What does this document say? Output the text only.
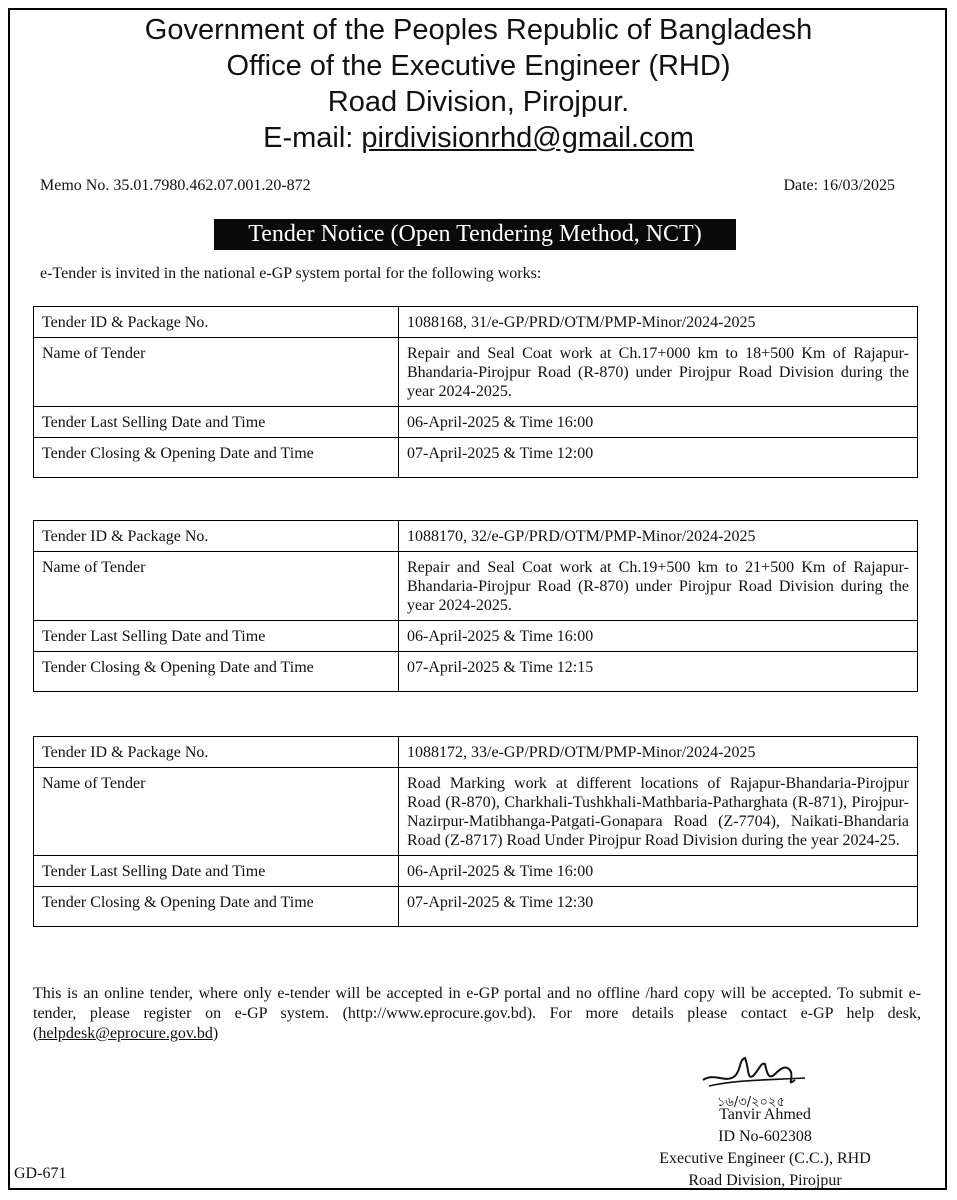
Government of the Peoples Republic of Bangladesh
Office of the Executive Engineer (RHD)
Road Division, Pirojpur.
E-mail: pirdivisionrhd@gmail.com
Memo No. 35.01.7980.462.07.001.20-872	Date: 16/03/2025
Tender Notice (Open Tendering Method, NCT)
e-Tender is invited in the national e-GP system portal for the following works:
Tender ID & Package No.	1088168, 31/e-GP/PRD/OTM/PMP-Minor/2024-2025
Name of Tender	Repair and Seal Coat work at Ch.17+000 km to 18+500 Km of Rajapur-Bhandaria-Pirojpur Road (R-870) under Pirojpur Road Division during the year 2024-2025.
Tender Last Selling Date and Time	06-April-2025 & Time 16:00
Tender Closing & Opening Date and Time	07-April-2025 & Time 12:00
Tender ID & Package No.	1088170, 32/e-GP/PRD/OTM/PMP-Minor/2024-2025
Name of Tender	Repair and Seal Coat work at Ch.19+500 km to 21+500 Km of Rajapur-Bhandaria-Pirojpur Road (R-870) under Pirojpur Road Division during the year 2024-2025.
Tender Last Selling Date and Time	06-April-2025 & Time 16:00
Tender Closing & Opening Date and Time	07-April-2025 & Time 12:15
Tender ID & Package No.	1088172, 33/e-GP/PRD/OTM/PMP-Minor/2024-2025
Name of Tender	Road Marking work at different locations of Rajapur-Bhandaria-Pirojpur Road (R-870), Charkhali-Tushkhali-Mathbaria-Patharghata (R-871), Pirojpur-Nazirpur-Matibhanga-Patgati-Gonapara Road (Z-7704), Naikati-Bhandaria Road (Z-8717) Road Under Pirojpur Road Division during the year 2024-25.
Tender Last Selling Date and Time	06-April-2025 & Time 16:00
Tender Closing & Opening Date and Time	07-April-2025 & Time 12:30
This is an online tender, where only e-tender will be accepted in e-GP portal and no offline /hard copy will be accepted. To submit e-tender, please register on e-GP system. (http://www.eprocure.gov.bd). For more details please contact e-GP help desk, (helpdesk@eprocure.gov.bd)
১৬/৩/২০২৫
Tanvir Ahmed
ID No-602308
Executive Engineer (C.C.), RHD
Road Division, Pirojpur
GD-671
